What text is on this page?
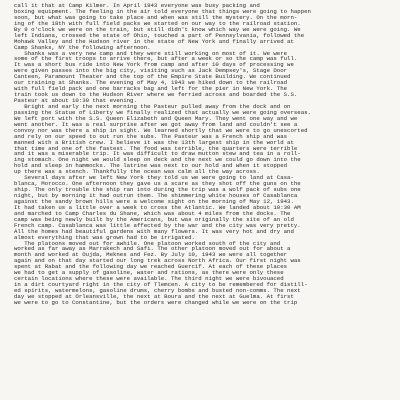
call it that at Camp Kilmer. In April 1943 everyone was busy packing and
boxing equipment. The feeling in the air told everyone that things were going to happen
soon, but what was going to take place and when was still the mystery. On the morn-
ing of the 18th with full field packs we started on our way to the railroad station.
By 9 o'clock we were on the train, but still didn't know which way we were going. We
left Indiana, crossed the state of Ohio, touched a part of Pennsylvania, followed the
Mohawk Valley and the Hudson river in the state of New York and finally arrived at
Camp Shanks, NY the following afternoon.
Shanks was a very new camp and they were still working on most of it. We were
some of the first troops to arrive there, but after a week or so the camp was full.
It was a short bus ride into New York from camp and after 10 days of processing we
were given passes into the big city, visiting such as Jack Dempsey's, Stage Door
Canteen, Paramount Theater and the top of the Empire State Building. We continued
our training at Shanks. The evening of May 4, 1943 we hiked down to the railroad
with full field pack and one barracks bag and left for the pier in New York. The
train took us down to the Hudson River where we ferried across and boarded the S.S.
Pasteur at about 10:30 that evening.
Bright and early the next morning the Pasteur pulled away from the dock and on
passing the Statue of Liberty we finally realized that actually we were going overseas.
We left port with the S.S. Queen Elizabeth and Queen Mary. They went one way and we
went another. It was a real surprise after we got away from land and couldn't see a
convoy nor was there a ship in sight. We learned shortly that we were to go unescorted
and rely on our speed to out run the subs. The Pasteur was a French ship and was
manned with a British crew. I believe it was the 13th largest ship in the world at
that time and one of the fastest. The food was terrible, the quarters were terrible
and it was a miserable trip. It was difficult to draw mutton stew and tea in a roll-
ing stomach. One night we would sleep on deck and the next we could go down into the
hold and sleep in hammocks. The latrine was next to our hold and when it stopped
up there was a stench. Thankfully the ocean was calm all the way across.
Several days after we left New York they told us we were going to land at Casa-
blanca, Morocco. One afternoon they gave us a scare as they shot off the guns on the
ship. The only trouble the ship ran into during the trip was a wolf pack of subs one
night, but by morning it had outrun them. The shimmering white houses of Casablanca
against the sandy brown hills were a welcome sight on the morning of May 12, 1943.
It had taken us a little over a week to cross the Atlantic. We landed about 10:30 AM
and marched to Camp Charles du Shane, which was about 4 miles from the docks. The
camp was being newly built by the Americans, but was originally the site of an old
French camp. Casablanca was little affected by the war and the city was very pretty.
All the homes had beautiful gardens with many flowers. It was very hot and dry and
almost everything that was grown had to be irrigated.
The platoons moved out for awhile. One platoon worked south of the city and
worked as far away as Marrakech and Safi. The other platoon moved out for about a
month and worked at Oujda, Meknes and Fez. By July 10, 1943 we were all together
again and on that day started our long trek across North Africa. Our first night was
spent at Rabat and the following day we reached Guercif. At each of these places
we had to get a supply of gasoline, water and rations, as there were only these
certain locations where these were available. The third night we were bivouaced
in a dirt courtyard right in the city of Tlemcen. A city to be remembered for distill-
ed spirits, watermelons, gasoline drums, cherry bombs and busted non-comms. The next
day we stopped at Orleansville, the next at Boura and the next at Guelma. At first
we were to go to Constantine, but the orders were changed while we were on the trip
